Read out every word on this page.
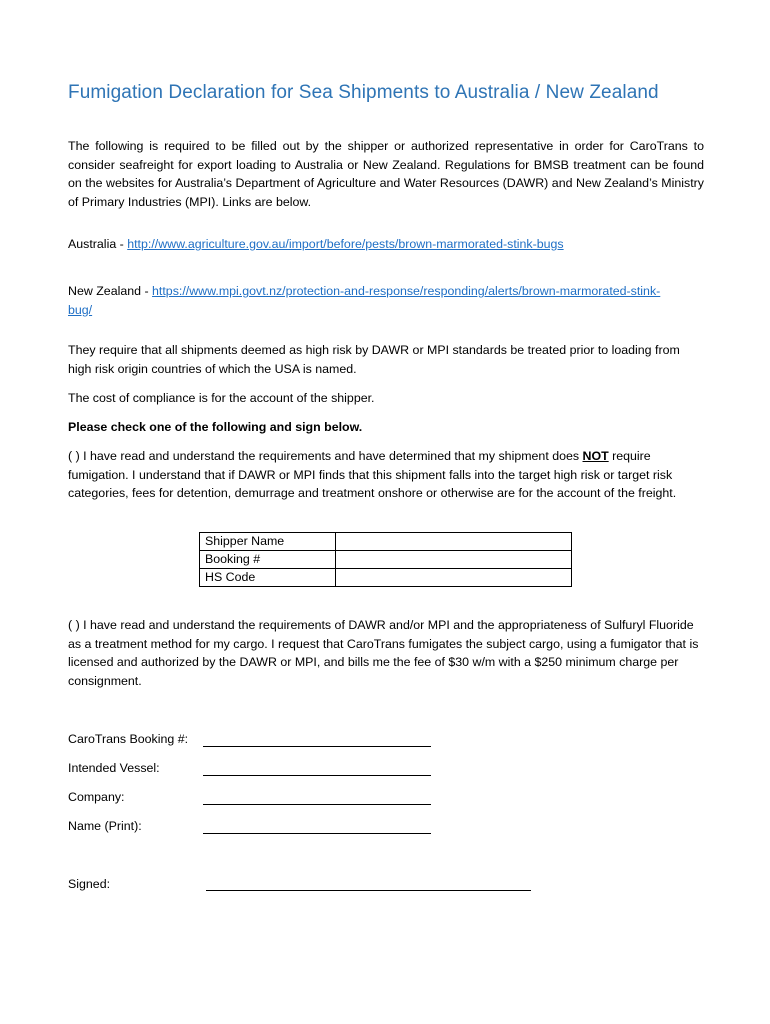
Fumigation Declaration for Sea Shipments to Australia / New Zealand
The following is required to be filled out by the shipper or authorized representative in order for CaroTrans to consider seafreight for export loading to Australia or New Zealand. Regulations for BMSB treatment can be found on the websites for Australia’s Department of Agriculture and Water Resources (DAWR) and New Zealand’s Ministry of Primary Industries (MPI). Links are below.
Australia - http://www.agriculture.gov.au/import/before/pests/brown-marmorated-stink-bugs
New Zealand - https://www.mpi.govt.nz/protection-and-response/responding/alerts/brown-marmorated-stink-
bug/
They require that all shipments deemed as high risk by DAWR or MPI standards be treated prior to loading from high risk origin countries of which the USA is named.
The cost of compliance is for the account of the shipper.
Please check one of the following and sign below.
( ) I have read and understand the requirements and have determined that my shipment does NOT require fumigation. I understand that if DAWR or MPI finds that this shipment falls into the target high risk or target risk categories, fees for detention, demurrage and treatment onshore or otherwise are for the account of the freight.
Shipper Name	
Booking #	
HS Code	
( ) I have read and understand the requirements of DAWR and/or MPI and the appropriateness of Sulfuryl Fluoride as a treatment method for my cargo. I request that CaroTrans fumigates the subject cargo, using a fumigator that is licensed and authorized by the DAWR or MPI, and bills me the fee of $30 w/m with a $250 minimum charge per consignment.
CaroTrans Booking #:
Intended Vessel:
Company:
Name (Print):
Signed:
